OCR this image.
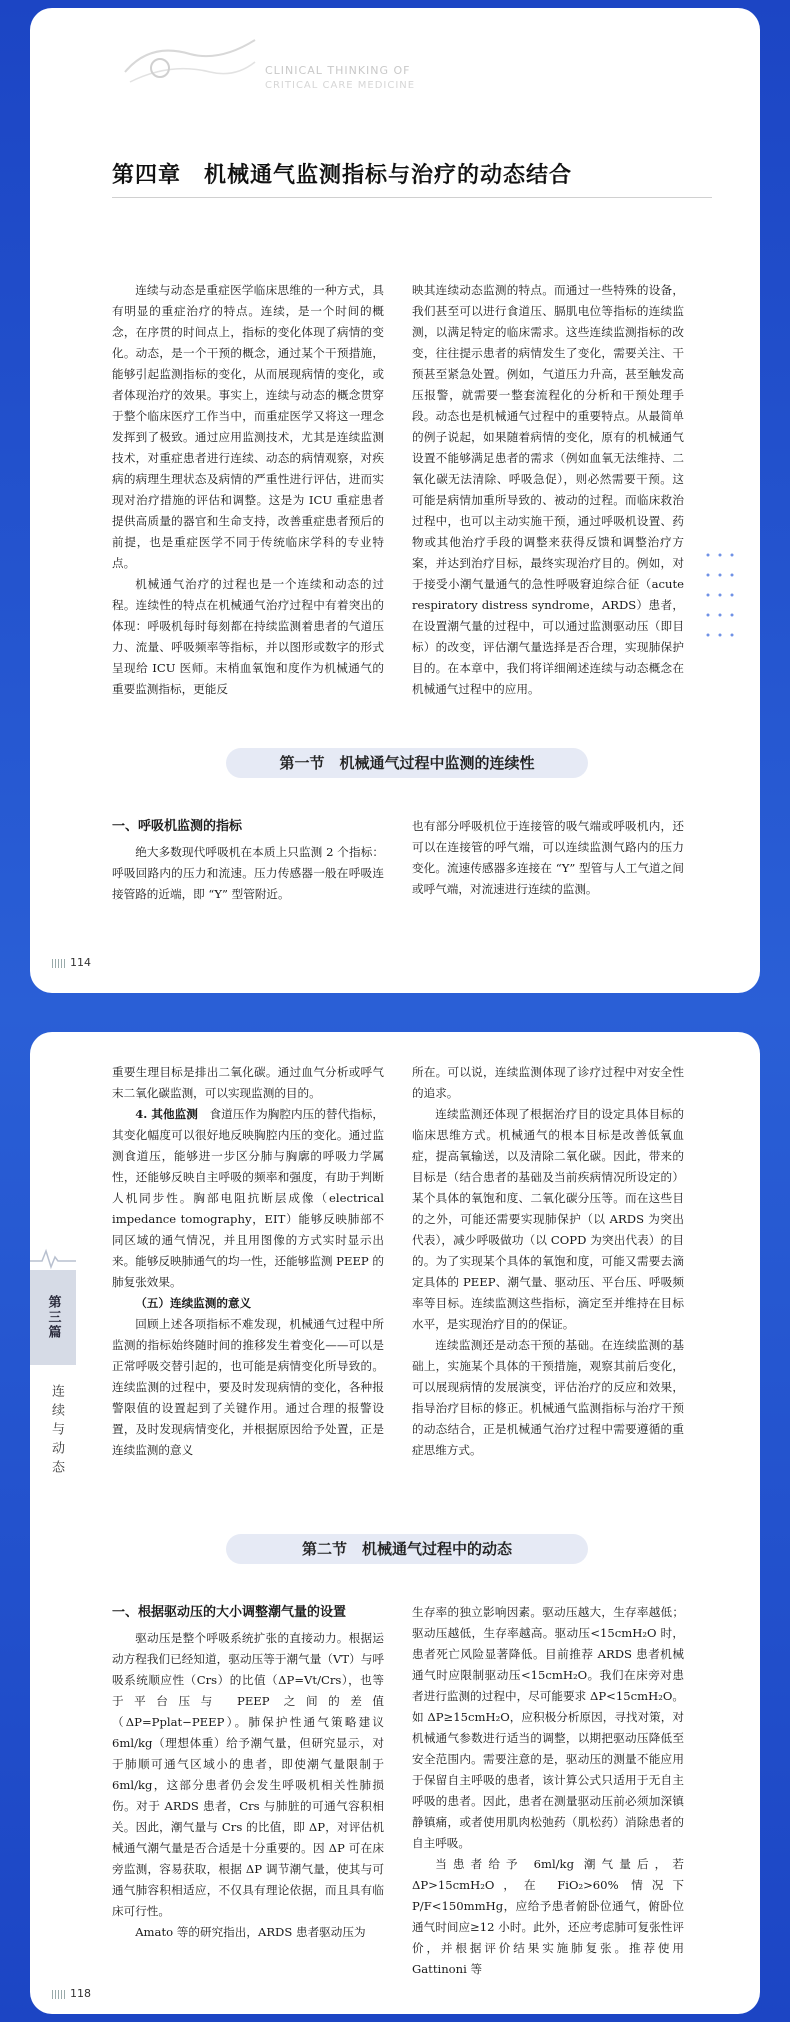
CLINICAL THINKING OF
CRITICAL CARE MEDICINE
第四章　机械通气监测指标与治疗的动态结合

连续与动态是重症医学临床思维的一种方式，具有明显的重症治疗的特点。连续，是一个时间的概念，在序贯的时间点上，指标的变化体现了病情的变化。动态，是一个干预的概念，通过某个干预措施，能够引起监测指标的变化，从而展现病情的变化，或者体现治疗的效果。事实上，连续与动态的概念贯穿于整个临床医疗工作当中，而重症医学又将这一理念发挥到了极致。通过应用监测技术，尤其是连续监测技术，对重症患者进行连续、动态的病情观察，对疾病的病理生理状态及病情的严重性进行评估，进而实现对治疗措施的评估和调整。这是为 ICU 重症患者提供高质量的器官和生命支持，改善重症患者预后的前提，也是重症医学不同于传统临床学科的专业特点。

机械通气治疗的过程也是一个连续和动态的过程。连续性的特点在机械通气治疗过程中有着突出的体现：呼吸机每时每刻都在持续监测着患者的气道压力、流量、呼吸频率等指标，并以图形或数字的形式呈现给 ICU 医师。末梢血氧饱和度作为机械通气的重要监测指标，更能反

映其连续动态监测的特点。而通过一些特殊的设备，我们甚至可以进行食道压、膈肌电位等指标的连续监测，以满足特定的临床需求。这些连续监测指标的改变，往往提示患者的病情发生了变化，需要关注、干预甚至紧急处置。例如，气道压力升高，甚至触发高压报警，就需要一整套流程化的分析和干预处理手段。动态也是机械通气过程中的重要特点。从最简单的例子说起，如果随着病情的变化，原有的机械通气设置不能够满足患者的需求（例如血氧无法维持、二氧化碳无法清除、呼吸急促），则必然需要干预。这可能是病情加重所导致的、被动的过程。而临床救治过程中，也可以主动实施干预，通过呼吸机设置、药物或其他治疗手段的调整来获得反馈和调整治疗方案，并达到治疗目标，最终实现治疗目的。例如，对于接受小潮气量通气的急性呼吸窘迫综合征（acute respiratory distress syndrome，ARDS）患者，在设置潮气量的过程中，可以通过监测驱动压（即目标）的改变，评估潮气量选择是否合理，实现肺保护目的。在本章中，我们将详细阐述连续与动态概念在机械通气过程中的应用。

第一节　机械通气过程中监测的连续性
一、呼吸机监测的指标

绝大多数现代呼吸机在本质上只监测 2 个指标：呼吸回路内的压力和流速。压力传感器一般在呼吸连接管路的近端，即 “Y” 型管附近。

也有部分呼吸机位于连接管的吸气端或呼吸机内，还可以在连接管的呼气端，可以连续监测气路内的压力变化。流速传感器多连接在 “Y” 型管与人工气道之间或呼气端，对流速进行连续的监测。

114
第三篇
连续与动态

重要生理目标是排出二氧化碳。通过血气分析或呼气末二氧化碳监测，可以实现监测的目的。

4. 其他监测　 食道压作为胸腔内压的替代指标，其变化幅度可以很好地反映胸腔内压的变化。通过监测食道压，能够进一步区分肺与胸廓的呼吸力学属性，还能够反映自主呼吸的频率和强度，有助于判断人机同步性。胸部电阻抗断层成像（electrical impedance tomography，EIT）能够反映肺部不同区域的通气情况，并且用图像的方式实时显示出来。能够反映肺通气的均一性，还能够监测 PEEP 的肺复张效果。

（五）连续监测的意义

回顾上述各项指标不难发现，机械通气过程中所监测的指标始终随时间的推移发生着变化——可以是正常呼吸交替引起的，也可能是病情变化所导致的。连续监测的过程中，要及时发现病情的变化，各种报警限值的设置起到了关键作用。通过合理的报警设置，及时发现病情变化，并根据原因给予处置，正是连续监测的意义

所在。可以说，连续监测体现了诊疗过程中对安全性的追求。

连续监测还体现了根据治疗目的设定具体目标的临床思维方式。机械通气的根本目标是改善低氧血症，提高氧输送，以及清除二氧化碳。因此，带来的目标是（结合患者的基础及当前疾病情况所设定的）某个具体的氧饱和度、二氧化碳分压等。而在这些目的之外，可能还需要实现肺保护（以 ARDS 为突出代表），减少呼吸做功（以 COPD 为突出代表）的目的。为了实现某个具体的氧饱和度，可能又需要去滴定具体的 PEEP、潮气量、驱动压、平台压、呼吸频率等目标。连续监测这些指标，滴定至并维持在目标水平，是实现治疗目的的保证。

连续监测还是动态干预的基础。在连续监测的基础上，实施某个具体的干预措施，观察其前后变化，可以展现病情的发展演变，评估治疗的反应和效果，指导治疗目标的修正。机械通气监测指标与治疗干预的动态结合，正是机械通气治疗过程中需要遵循的重症思维方式。

第二节　机械通气过程中的动态
一、根据驱动压的大小调整潮气量的设置

驱动压是整个呼吸系统扩张的直接动力。根据运动方程我们已经知道，驱动压等于潮气量（VT）与呼吸系统顺应性（Crs）的比值（ΔP=Vt/Crs），也等于平台压与 PEEP 之间的差值（ΔP=Pplat−PEEP）。肺保护性通气策略建议 6ml/kg（理想体重）给予潮气量，但研究显示，对于肺顺可通气区域小的患者，即使潮气量限制于 6ml/kg，这部分患者仍会发生呼吸机相关性肺损伤。对于 ARDS 患者，Crs 与肺脏的可通气容积相关。因此，潮气量与 Crs 的比值，即 ΔP，对评估机械通气潮气量是否合适是十分重要的。因 ΔP 可在床旁监测，容易获取，根据 ΔP 调节潮气量，使其与可通气肺容积相适应，不仅具有理论依据，而且具有临床可行性。

Amato 等的研究指出，ARDS 患者驱动压为

生存率的独立影响因素。驱动压越大，生存率越低；驱动压越低，生存率越高。驱动压<15cmH₂O 时，患者死亡风险显著降低。目前推荐 ARDS 患者机械通气时应限制驱动压<15cmH₂O。我们在床旁对患者进行监测的过程中，尽可能要求 ΔP<15cmH₂O。如 ΔP≥15cmH₂O，应积极分析原因，寻找对策，对机械通气参数进行适当的调整，以期把驱动压降低至安全范围内。需要注意的是，驱动压的测量不能应用于保留自主呼吸的患者，该计算公式只适用于无自主呼吸的患者。因此，患者在测量驱动压前必须加深镇静镇痛，或者使用肌肉松弛药（肌松药）消除患者的自主呼吸。

当患者给予 6ml/kg 潮气量后，若 ΔP>15cmH₂O，在 FiO₂>60% 情况下 P/F<150mmHg，应给予患者俯卧位通气，俯卧位通气时间应≥12 小时。此外，还应考虑肺可复张性评价，并根据评价结果实施肺复张。推荐使用 Gattinoni 等

118
